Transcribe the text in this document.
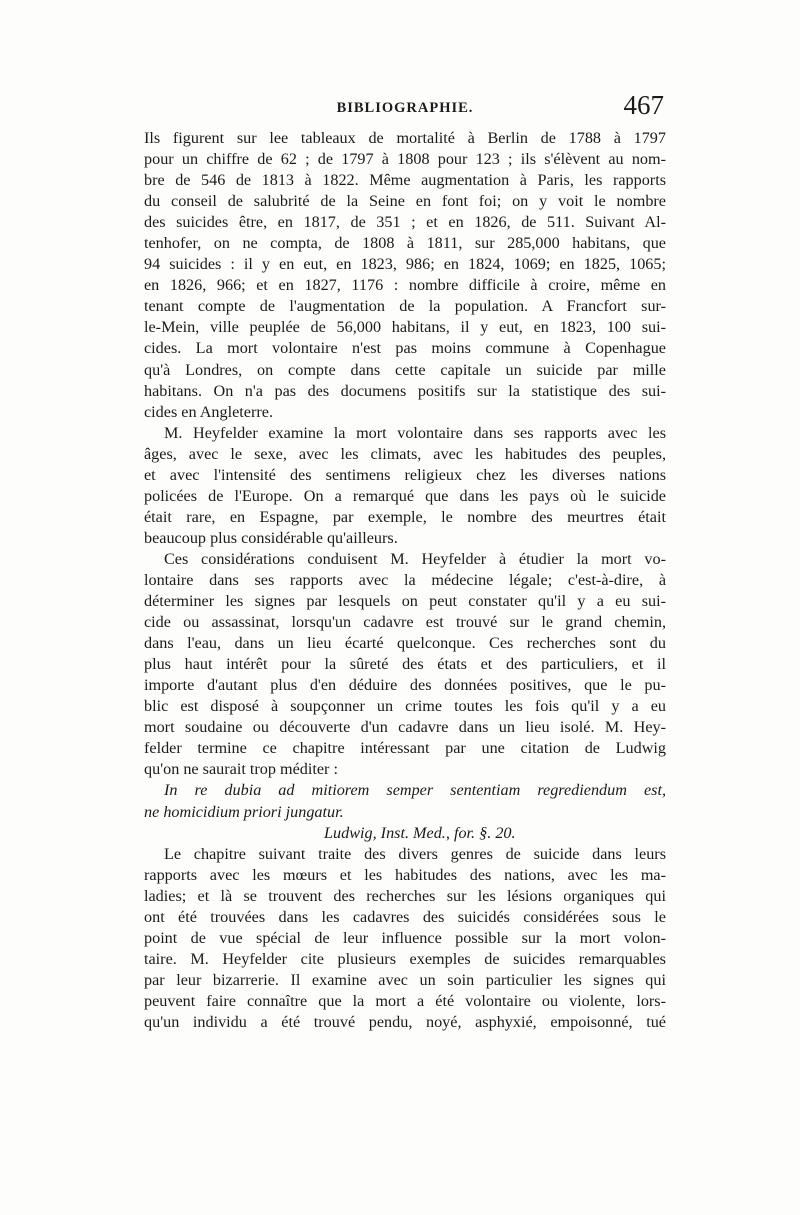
BIBLIOGRAPHIE.	467
Ils figurent sur lee tableaux de mortalité à Berlin de 1788 à 1797
pour un chiffre de 62 ; de 1797 à 1808 pour 123 ; ils s'élèvent au nom-
bre de 546 de 1813 à 1822. Même augmentation à Paris, les rapports
du conseil de salubrité de la Seine en font foi; on y voit le nombre
des suicides être, en 1817, de 351 ; et en 1826, de 511. Suivant Al-
tenhofer, on ne compta, de 1808 à 1811, sur 285,000 habitans, que
94 suicides : il y en eut, en 1823, 986; en 1824, 1069; en 1825, 1065;
en 1826, 966; et en 1827, 1176 : nombre difficile à croire, même en
tenant compte de l'augmentation de la population. A Francfort sur-
le-Mein, ville peuplée de 56,000 habitans, il y eut, en 1823, 100 sui-
cides. La mort volontaire n'est pas moins commune à Copenhague
qu'à Londres, on compte dans cette capitale un suicide par mille
habitans. On n'a pas des documens positifs sur la statistique des sui-
cides en Angleterre.
M. Heyfelder examine la mort volontaire dans ses rapports avec les
âges, avec le sexe, avec les climats, avec les habitudes des peuples,
et avec l'intensité des sentimens religieux chez les diverses nations
policées de l'Europe. On a remarqué que dans les pays où le suicide
était rare, en Espagne, par exemple, le nombre des meurtres était
beaucoup plus considérable qu'ailleurs.
Ces considérations conduisent M. Heyfelder à étudier la mort vo-
lontaire dans ses rapports avec la médecine légale; c'est-à-dire, à
déterminer les signes par lesquels on peut constater qu'il y a eu sui-
cide ou assassinat, lorsqu'un cadavre est trouvé sur le grand chemin,
dans l'eau, dans un lieu écarté quelconque. Ces recherches sont du
plus haut intérêt pour la sûreté des états et des particuliers, et il
importe d'autant plus d'en déduire des données positives, que le pu-
blic est disposé à soupçonner un crime toutes les fois qu'il y a eu
mort soudaine ou découverte d'un cadavre dans un lieu isolé. M. Hey-
felder termine ce chapitre intéressant par une citation de Ludwig
qu'on ne saurait trop méditer :
In re dubia ad mitiorem semper sententiam regrediendum est,
ne homicidium priori jungatur.
Ludwig, Inst. Med., for. §. 20.
Le chapitre suivant traite des divers genres de suicide dans leurs
rapports avec les mœurs et les habitudes des nations, avec les ma-
ladies; et là se trouvent des recherches sur les lésions organiques qui
ont été trouvées dans les cadavres des suicidés considérées sous le
point de vue spécial de leur influence possible sur la mort volon-
taire. M. Heyfelder cite plusieurs exemples de suicides remarquables
par leur bizarrerie. Il examine avec un soin particulier les signes qui
peuvent faire connaître que la mort a été volontaire ou violente, lors-
qu'un individu a été trouvé pendu, noyé, asphyxié, empoisonné, tué
